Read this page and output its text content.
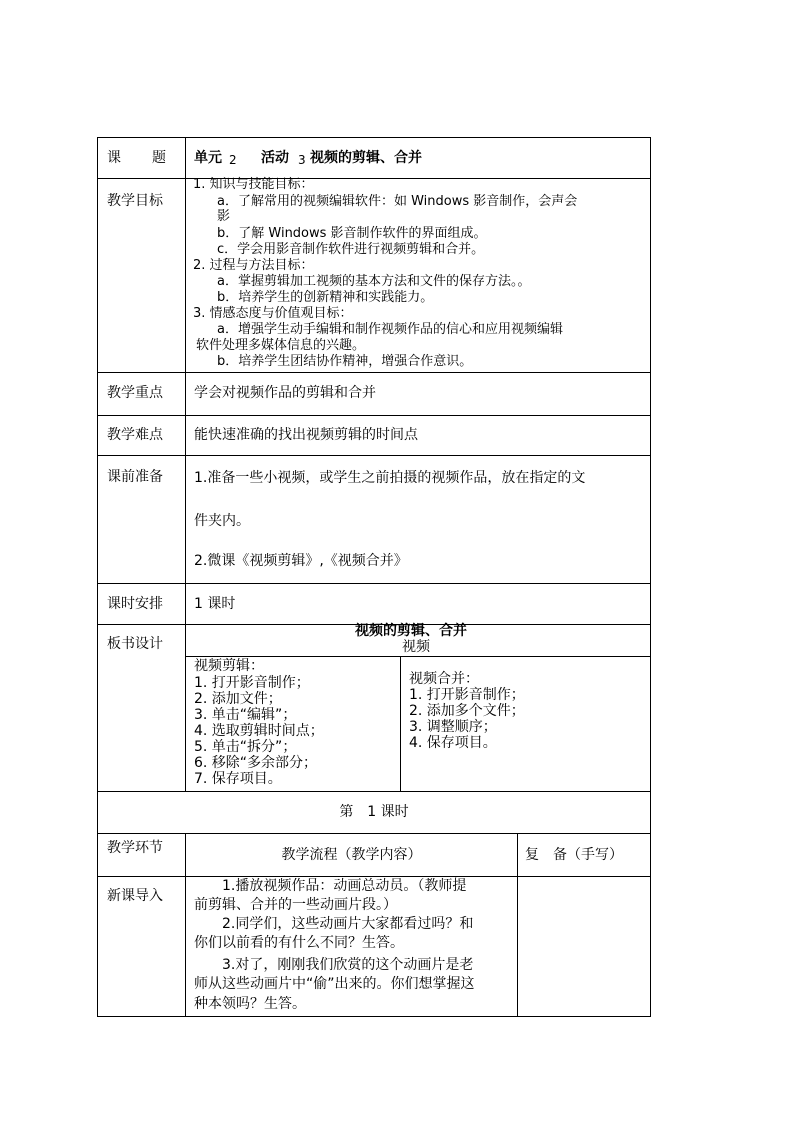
课　　题 单元 2 活动 3 视频的剪辑、合并
教学目标
1. 知识与技能目标：
a．了解常用的视频编辑软件：如 Windows 影音制作，会声会
影
b．了解 Windows 影音制作软件的界面组成。
c．学会用影音制作软件进行视频剪辑和合并。
2. 过程与方法目标：
a．掌握剪辑加工视频的基本方法和文件的保存方法。。
b．培养学生的创新精神和实践能力。
3. 情感态度与价值观目标：
a．增强学生动手编辑和制作视频作品的信心和应用视频编辑
软件处理多媒体信息的兴趣。
b．培养学生团结协作精神，增强合作意识。
教学重点 学会对视频作品的剪辑和合并
教学难点 能快速准确的找出视频剪辑的时间点
课前准备 1.准备一些小视频，或学生之前拍摄的视频作品，放在指定的文
件夹内。
2.微课《视频剪辑》,《视频合并》
课时安排 1 课时
板书设计
视频的剪辑、合并
视频
视频剪辑：
1. 打开影音制作；
2. 添加文件；
3. 单击“编辑”；
4. 选取剪辑时间点；
5. 单击“拆分”；
6. 移除“多余部分；
7. 保存项目。
视频合并：
1. 打开影音制作；
2. 添加多个文件；
3. 调整顺序；
4. 保存项目。
第　1 课时
教学环节	教学流程（教学内容）	复　备（手写）
新课导入
　　1.播放视频作品：动画总动员。（教师提
前剪辑、合并的一些动画片段。）
　　2.同学们，这些动画片大家都看过吗？和
你们以前看的有什么不同？生答。
　　3.对了，刚刚我们欣赏的这个动画片是老
师从这些动画片中“偷”出来的。你们想掌握这
种本领吗？生答。
